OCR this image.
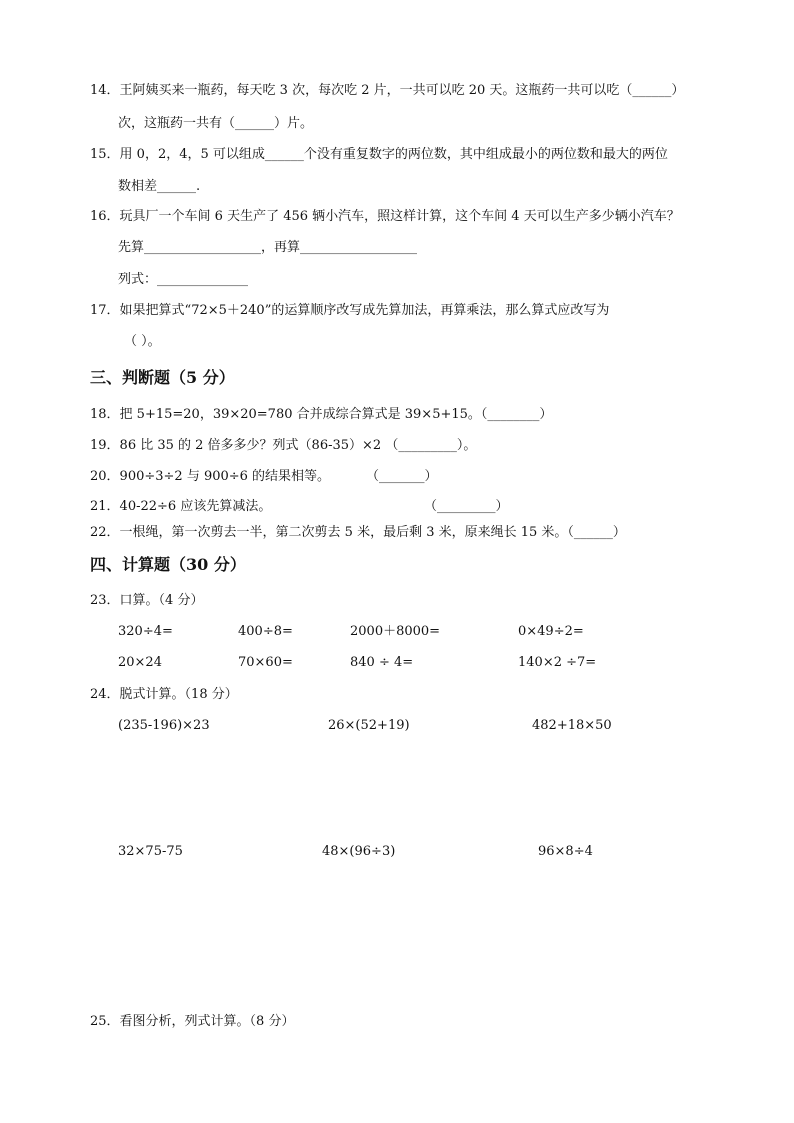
14．王阿姨买来一瓶药，每天吃 3 次，每次吃 2 片，一共可以吃 20 天。这瓶药一共可以吃（______）
次，这瓶药一共有（______）片。
15．用 0，2，4，5 可以组成______个没有重复数字的两位数，其中组成最小的两位数和最大的两位
数相差______.
16．玩具厂一个车间 6 天生产了 456 辆小汽车，照这样计算，这个车间 4 天可以生产多少辆小汽车？
先算__________________，再算__________________
列式：______________
17．如果把算式“72×5＋240”的运算顺序改写成先算加法，再算乘法，那么算式应改写为
（ ）。
三、判断题（5 分）
18．把 5+15=20，39×20=780 合并成综合算式是 39×5+15。（________）
19．86 比 35 的 2 倍多多少？列式（86-35）×2 （_________）。
20．900÷3÷2 与 900÷6 的结果相等。	（_______）
21．40-22÷6 应该先算减法。	（_________）
22．一根绳，第一次剪去一半，第二次剪去 5 米，最后剩 3 米，原来绳长 15 米。（______）
四、计算题（30 分）
23．口算。（4 分）
320÷4=	400÷8=	2000＋8000=	0×49÷2=
20×24	70×60=	840 ÷ 4=	140×2 ÷7=
24．脱式计算。（18 分）
(235-196)×23	26×(52+19)	482+18×50
32×75-75	48×(96÷3)	96×8÷4
25．看图分析，列式计算。（8 分）
